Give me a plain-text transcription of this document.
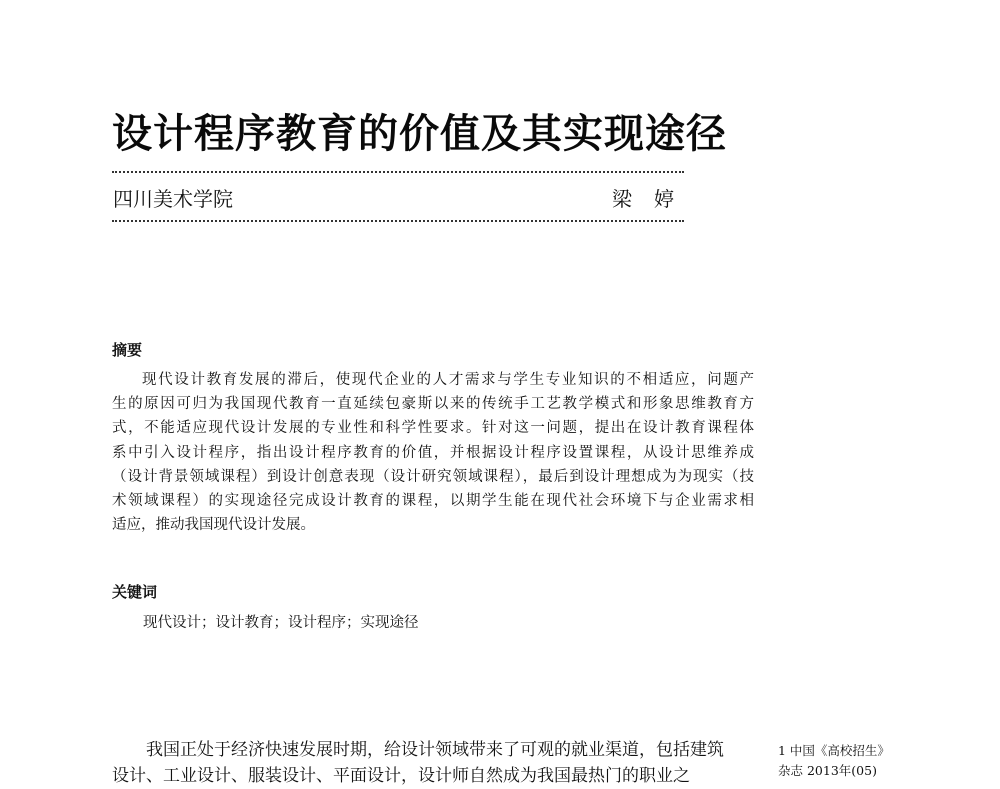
设计程序教育的价值及其实现途径
四川美术学院	梁婷
摘要
现代设计教育发展的滞后，使现代企业的人才需求与学生专业知识的不相适应，问题产
生的原因可归为我国现代教育一直延续包豪斯以来的传统手工艺教学模式和形象思维教育方
式，不能适应现代设计发展的专业性和科学性要求。针对这一问题，提出在设计教育课程体
系中引入设计程序，指出设计程序教育的价值，并根据设计程序设置课程，从设计思维养成
（设计背景领域课程）到设计创意表现（设计研究领域课程），最后到设计理想成为为现实（技
术领域课程）的实现途径完成设计教育的课程，以期学生能在现代社会环境下与企业需求相
适应，推动我国现代设计发展。
关键词
现代设计；设计教育；设计程序；实现途径
我国正处于经济快速发展时期，给设计领域带来了可观的就业渠道，包括建筑
设计、工业设计、服装设计、平面设计，设计师自然成为我国最热门的职业之
1 中国《高校招生》
杂志 2013年(05)
